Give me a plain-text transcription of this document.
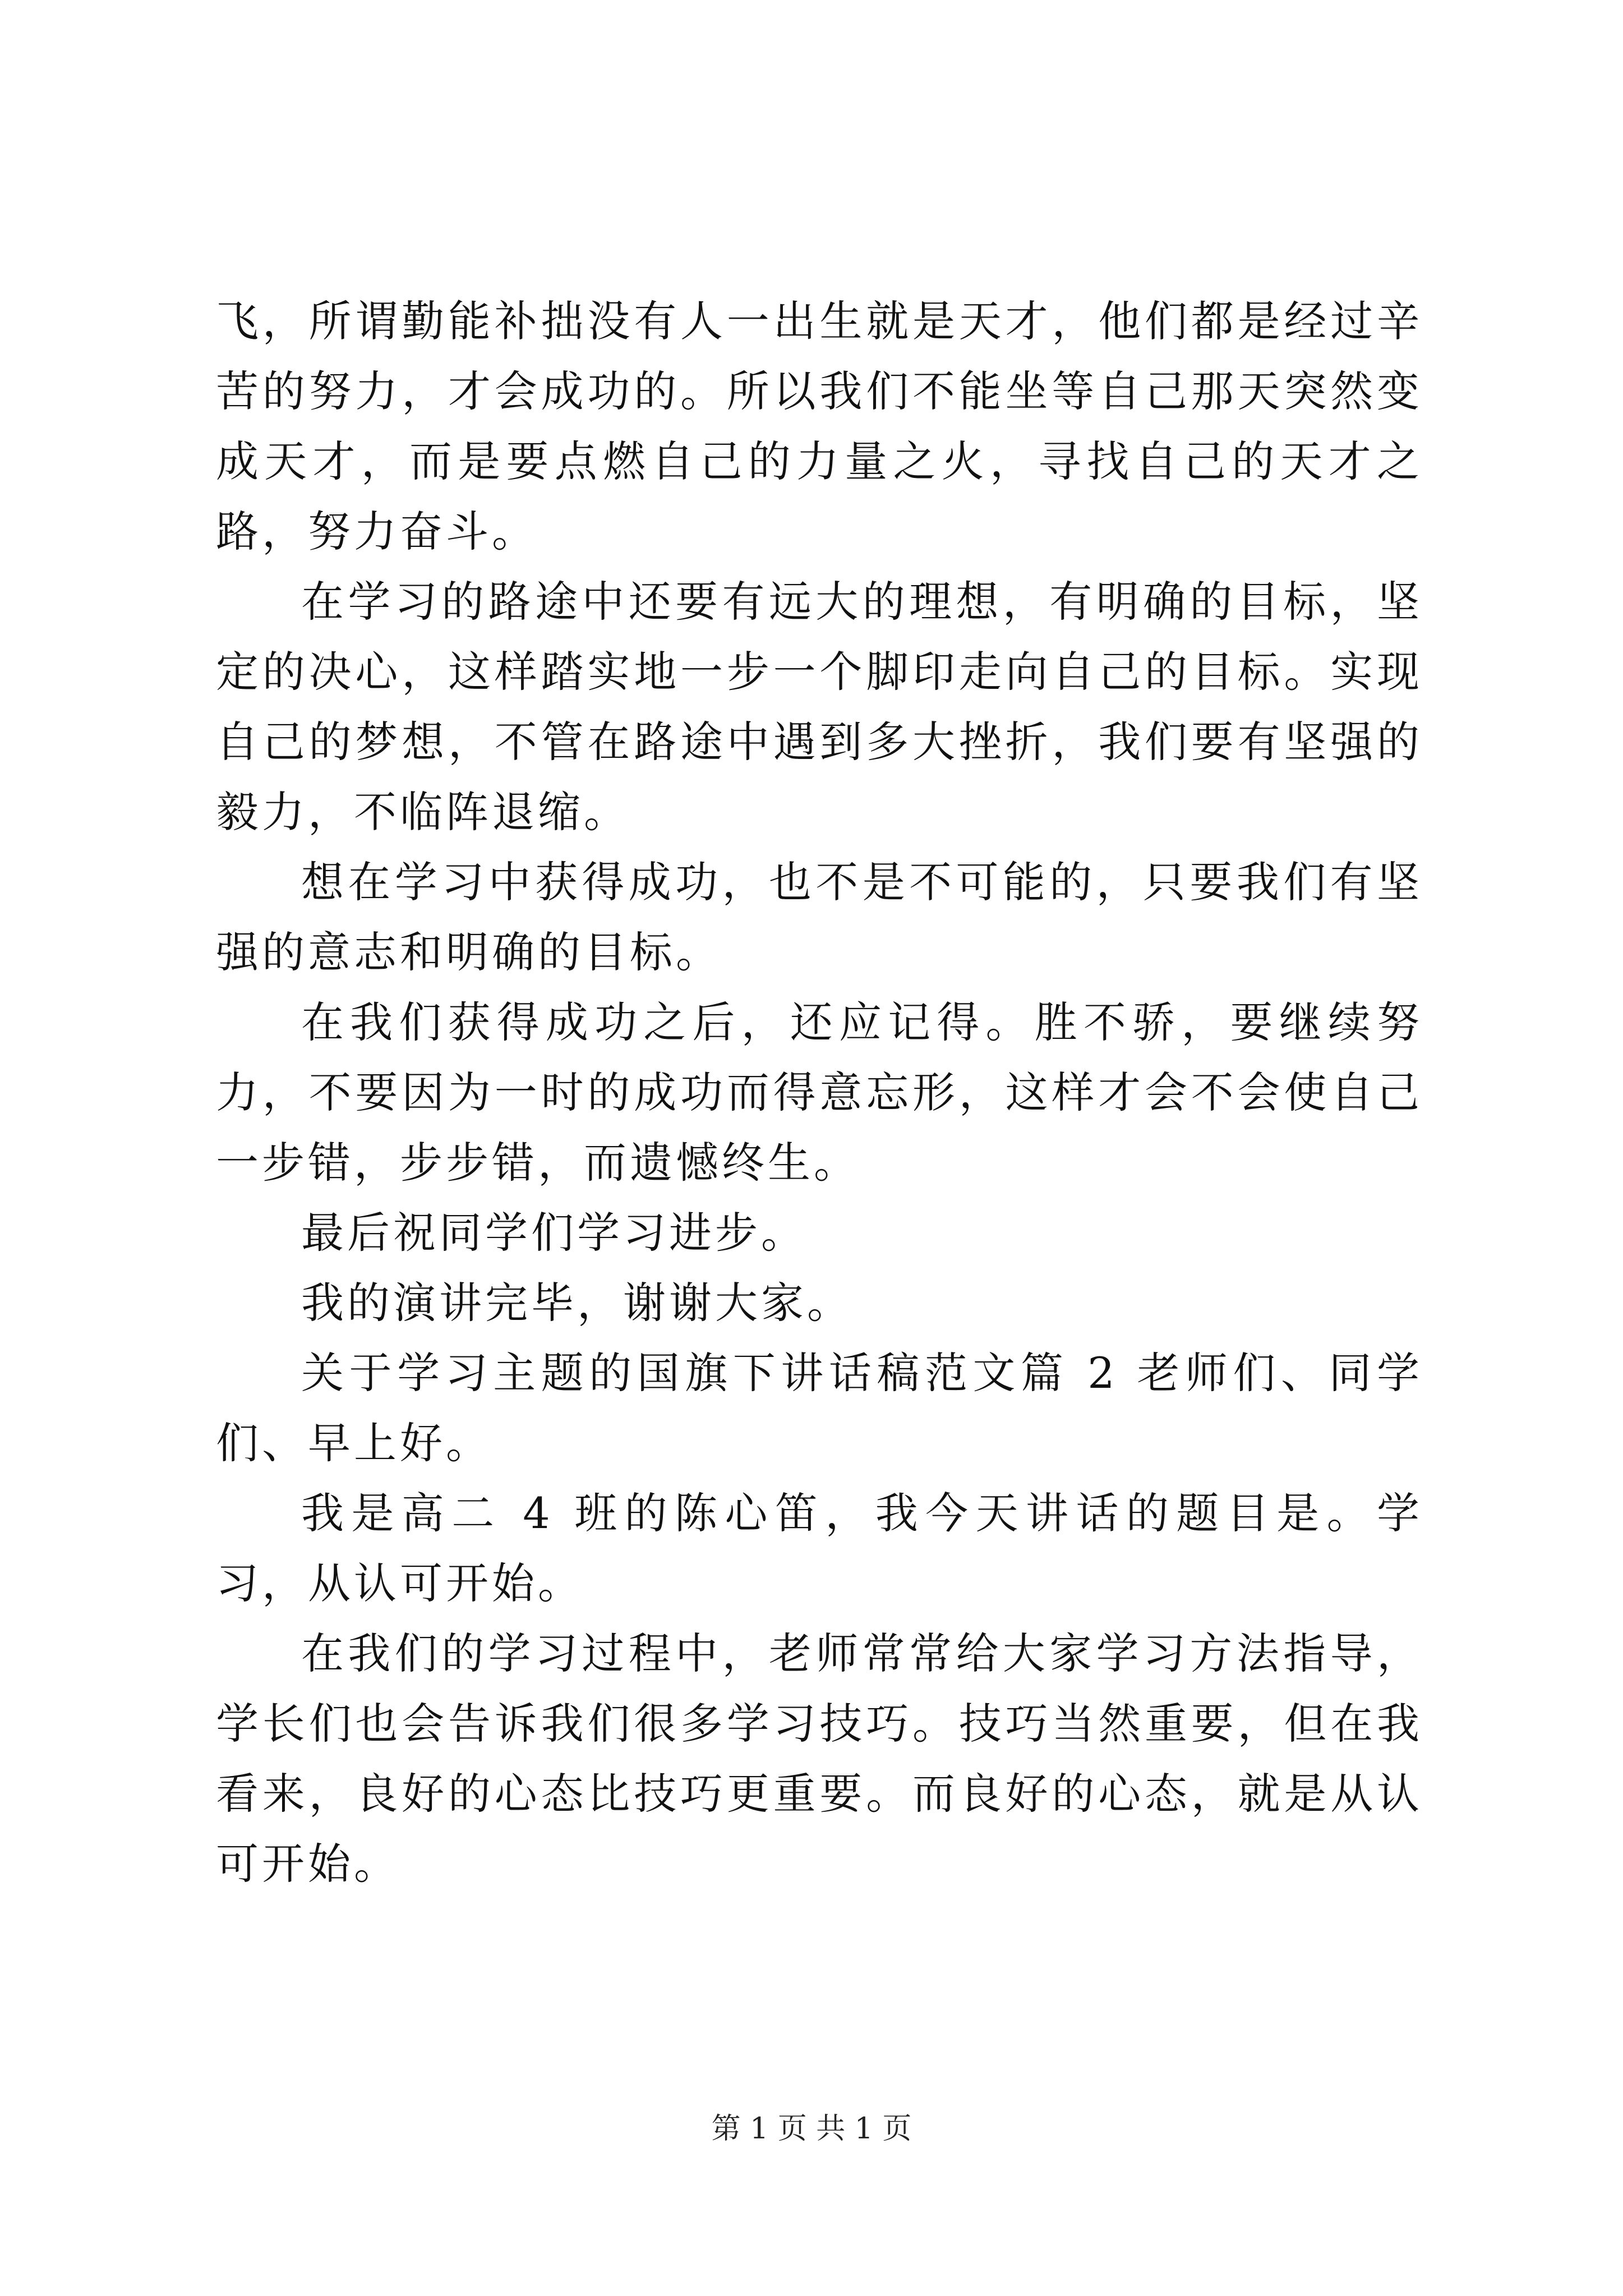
飞，所谓勤能补拙没有人一出生就是天才，他们都是经过辛苦的努力，才会成功的。所以我们不能坐等自己那天突然变成天才，而是要点燃自己的力量之火，寻找自己的天才之路，努力奋斗。

在学习的路途中还要有远大的理想，有明确的目标，坚定的决心，这样踏实地一步一个脚印走向自己的目标。实现自己的梦想，不管在路途中遇到多大挫折，我们要有坚强的毅力，不临阵退缩。

想在学习中获得成功，也不是不可能的，只要我们有坚强的意志和明确的目标。

在我们获得成功之后，还应记得。胜不骄，要继续努力，不要因为一时的成功而得意忘形，这样才会不会使自己一步错，步步错，而遗憾终生。

最后祝同学们学习进步。

我的演讲完毕，谢谢大家。

关于学习主题的国旗下讲话稿范文篇 2 老师们、同学们、早上好。

我是高二 4 班的陈心笛，我今天讲话的题目是。学习，从认可开始。

在我们的学习过程中，老师常常给大家学习方法指导，学长们也会告诉我们很多学习技巧。技巧当然重要，但在我看来，良好的心态比技巧更重要。而良好的心态，就是从认可开始。

第 1 页 共 1 页
